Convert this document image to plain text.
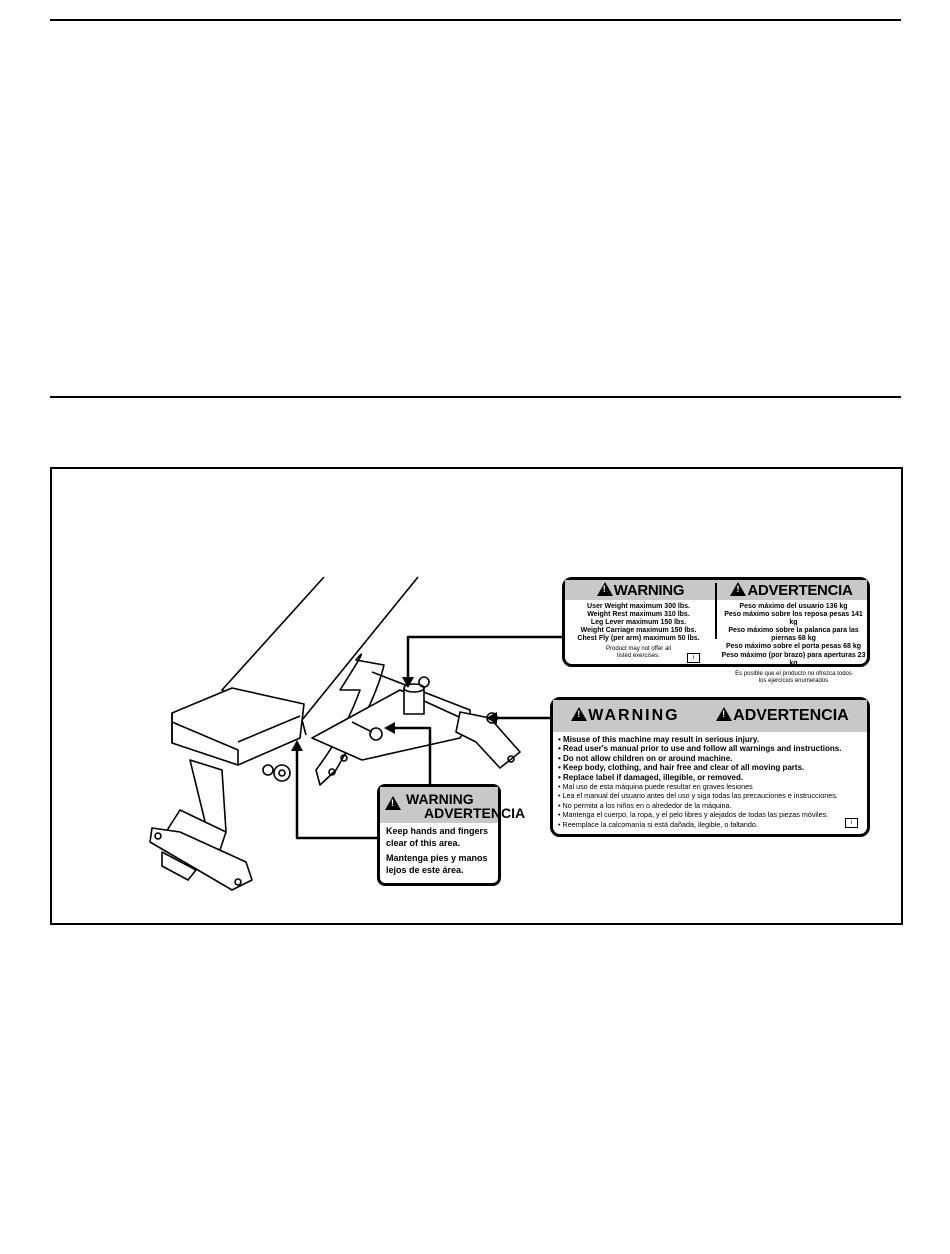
!WARNING !	ADVERTENCIA
User Weight maximum 300 lbs.
Weight Rest maximum 310 lbs.
Leg Lever maximum 150 lbs.
Weight Carriage maximum 150 lbs.
Chest Fly (per arm) maximum 50 lbs.
Product may not offer all
listed exercises.
Peso máximo del usuario 136 kg
Peso máximo sobre los reposa pesas 141 kg
Peso máximo sobre la palanca para las piernas 68 kg
Peso máximo sobre el porta pesas 68 kg
Peso máximo (por brazo) para aperturas 23 kg
Es posible que el producto no ofrezca todos
los ejercicios enumerados
i
!WARNING !	ADVERTENCIA
• Misuse of this machine may result in serious injury.
• Read user's manual prior to use and follow all warnings and instructions.
• Do not allow children on or around machine.
• Keep body, clothing, and hair free and clear of all moving parts.
• Replace label if damaged, illegible, or removed.
• Mal uso de esta máquina puede resultar en graves lesiones
• Lea el manual del usuario antes del uso y siga todas las precauciones e instrucciones.
• No permita a los niños en o alrededor de la máquina.
• Mantenga el cuerpo, la ropa, y el pelo libres y alejados de todas las piezas móviles.
• Reemplace la calcomanía si está dañada, ilegible, o faltando.	i
!
WARNING
ADVERTENCIA
Keep hands and fingers
clear of this area.
Mantenga pies y manos
lejos de este área.
